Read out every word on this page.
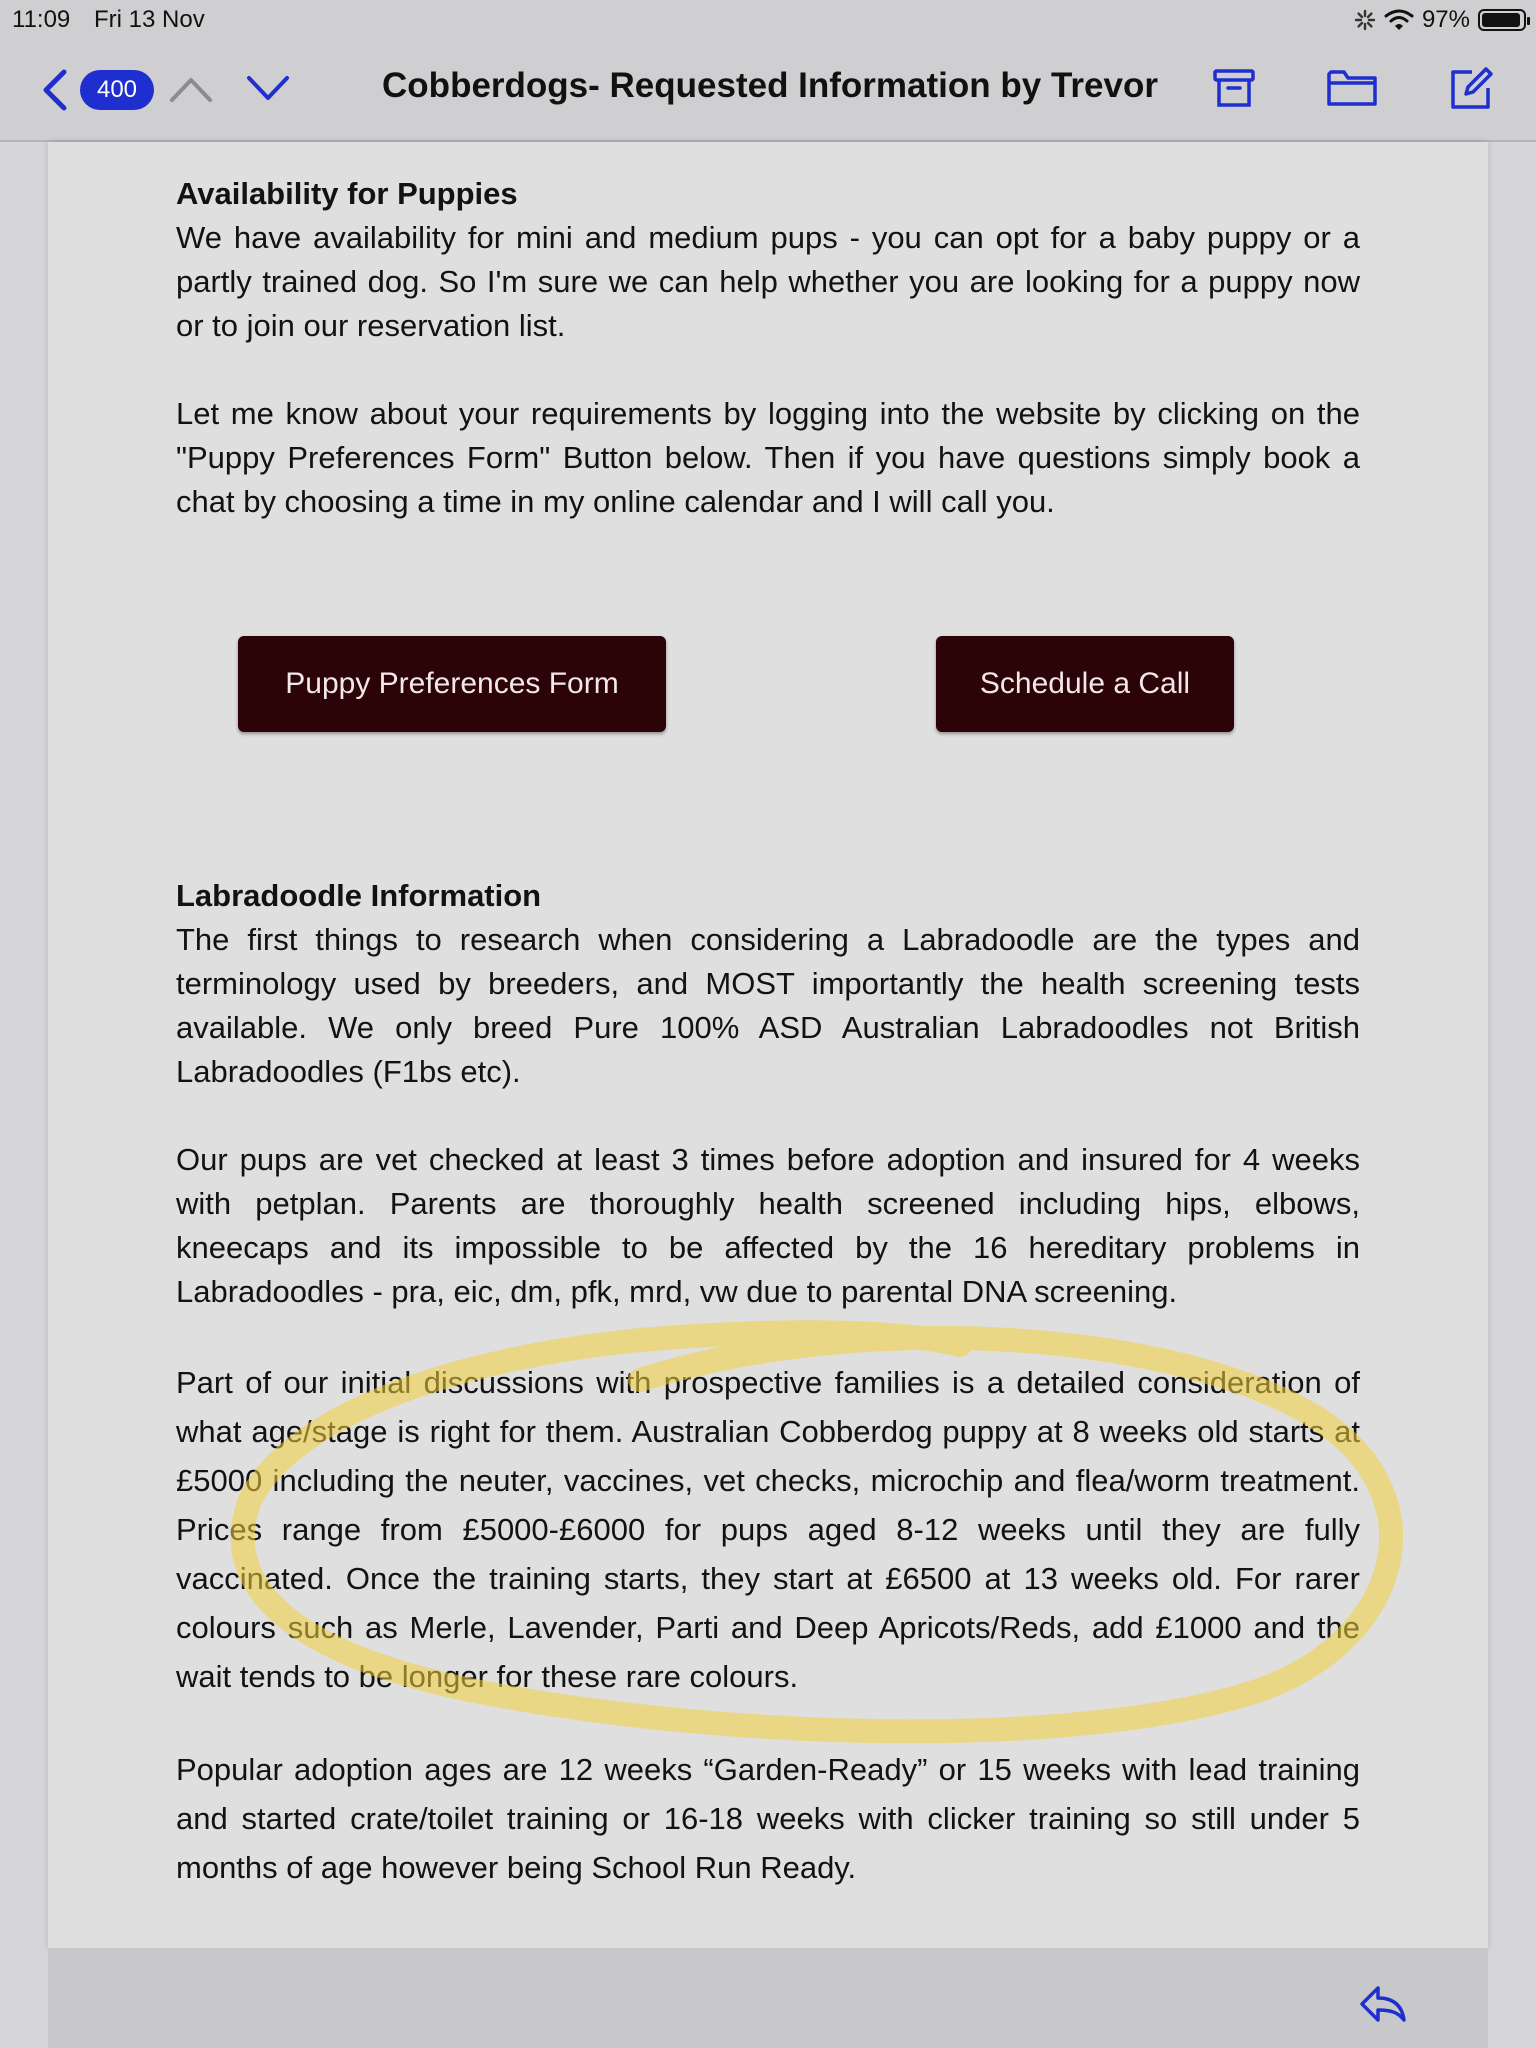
11:09 Fri 13 Nov	97%
400	Cobberdogs- Requested Information by Trevor

Availability for Puppies

We have availability for mini and medium pups - you can opt for a baby puppy or a partly trained dog. So I'm sure we can help whether you are looking for a puppy now or to join our reservation list.

Let me know about your requirements by logging into the website by clicking on the "Puppy Preferences Form" Button below. Then if you have questions simply book a chat by choosing a time in my online calendar and I will call you.

Labradoodle Information

The first things to research when considering a Labradoodle are the types and terminology used by breeders, and MOST importantly the health screening tests available. We only breed Pure 100% ASD Australian Labradoodles not British Labradoodles (F1bs etc).

Our pups are vet checked at least 3 times before adoption and insured for 4 weeks with petplan. Parents are thoroughly health screened including hips, elbows, kneecaps and its impossible to be affected by the 16 hereditary problems in Labradoodles - pra, eic, dm, pfk, mrd, vw due to parental DNA screening.

Part of our initial discussions with prospective families is a detailed consideration of what age/stage is right for them. Australian Cobberdog puppy at 8 weeks old starts at £5000 including the neuter, vaccines, vet checks, microchip and flea/worm treatment. Prices range from £5000-£6000 for pups aged 8-12 weeks until they are fully vaccinated. Once the training starts, they start at £6500 at 13 weeks old. For rarer colours such as Merle, Lavender, Parti and Deep Apricots/Reds, add £1000 and the wait tends to be longer for these rare colours.

Popular adoption ages are 12 weeks “Garden-Ready” or 15 weeks with lead training and started crate/toilet training or 16-18 weeks with clicker training so still under 5 months of age however being School Run Ready.

Puppy Preferences Form	Schedule a Call
